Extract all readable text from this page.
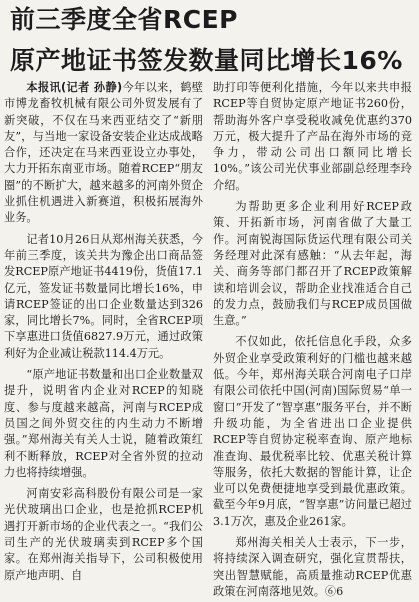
前三季度全省RCEP
原产地证书签发数量同比增长16%

本报讯(记者 孙静)今年以来，鹤壁市博龙畜牧机械有限公司外贸发展有了新突破，不仅在马来西亚结交了“新朋友”，与当地一家设备安装企业达成战略合作，还决定在马来西亚设立办事处，大力开拓东南亚市场。随着RCEP“朋友圈”的不断扩大，越来越多的河南外贸企业抓住机遇进入新赛道，积极拓展海外业务。

记者10月26日从郑州海关获悉，今年前三季度，该关共为豫企出口商品签发RCEP原产地证书4419份，货值17.1亿元，签发证书数量同比增长16%，申请RCEP签证的出口企业数量达到326家，同比增长7%。同时，全省RCEP项下享惠进口货值6827.9万元，通过政策利好为企业减让税款114.4万元。

“原产地证书数量和出口企业数量双提升，说明省内企业对RCEP的知晓度、参与度越来越高，河南与RCEP成员国之间外贸交往的内生动力不断增强。”郑州海关有关人士说，随着政策红利不断释放，RCEP对全省外贸的拉动力也将持续增强。

河南安彩高科股份有限公司是一家光伏玻璃出口企业，也是抢抓RCEP机遇打开新市场的企业代表之一。“我们公司生产的光伏玻璃卖到RCEP多个国家。在郑州海关指导下，公司积极使用原产地声明、自

助打印等便利化措施，今年以来共申报RCEP等自贸协定原产地证书260份，帮助海外客户享受税收减免优惠约370万元，极大提升了产品在海外市场的竞争力，带动公司出口额同比增长10%。”该公司光伏事业部副总经理李玲介绍。

为帮助更多企业利用好RCEP政策、开拓新市场，河南省做了大量工作。河南锐海国际货运代理有限公司关务经理对此深有感触：“从去年起，海关、商务等部门都召开了RCEP政策解读和培训会议，帮助企业找准适合自己的发力点，鼓励我们与RCEP成员国做生意。”

不仅如此，依托信息化手段，众多外贸企业享受政策利好的门槛也越来越低。今年，郑州海关联合河南电子口岸有限公司依托中国(河南)国际贸易“单一窗口”开发了“智享惠”服务平台，并不断升级功能，为全省进出口企业提供RCEP等自贸协定税率查询、原产地标准查询、最优税率比较、优惠关税计算等服务，依托大数据的智能计算，让企业可以免费便捷地享受到最优惠政策。截至今年9月底，“智享惠”访问量已超过3.1万次，惠及企业261家。

郑州海关相关人士表示，下一步，将持续深入调查研究，强化宣贯帮扶，突出智慧赋能，高质量推动RCEP优惠政策在河南落地见效。⑥6
